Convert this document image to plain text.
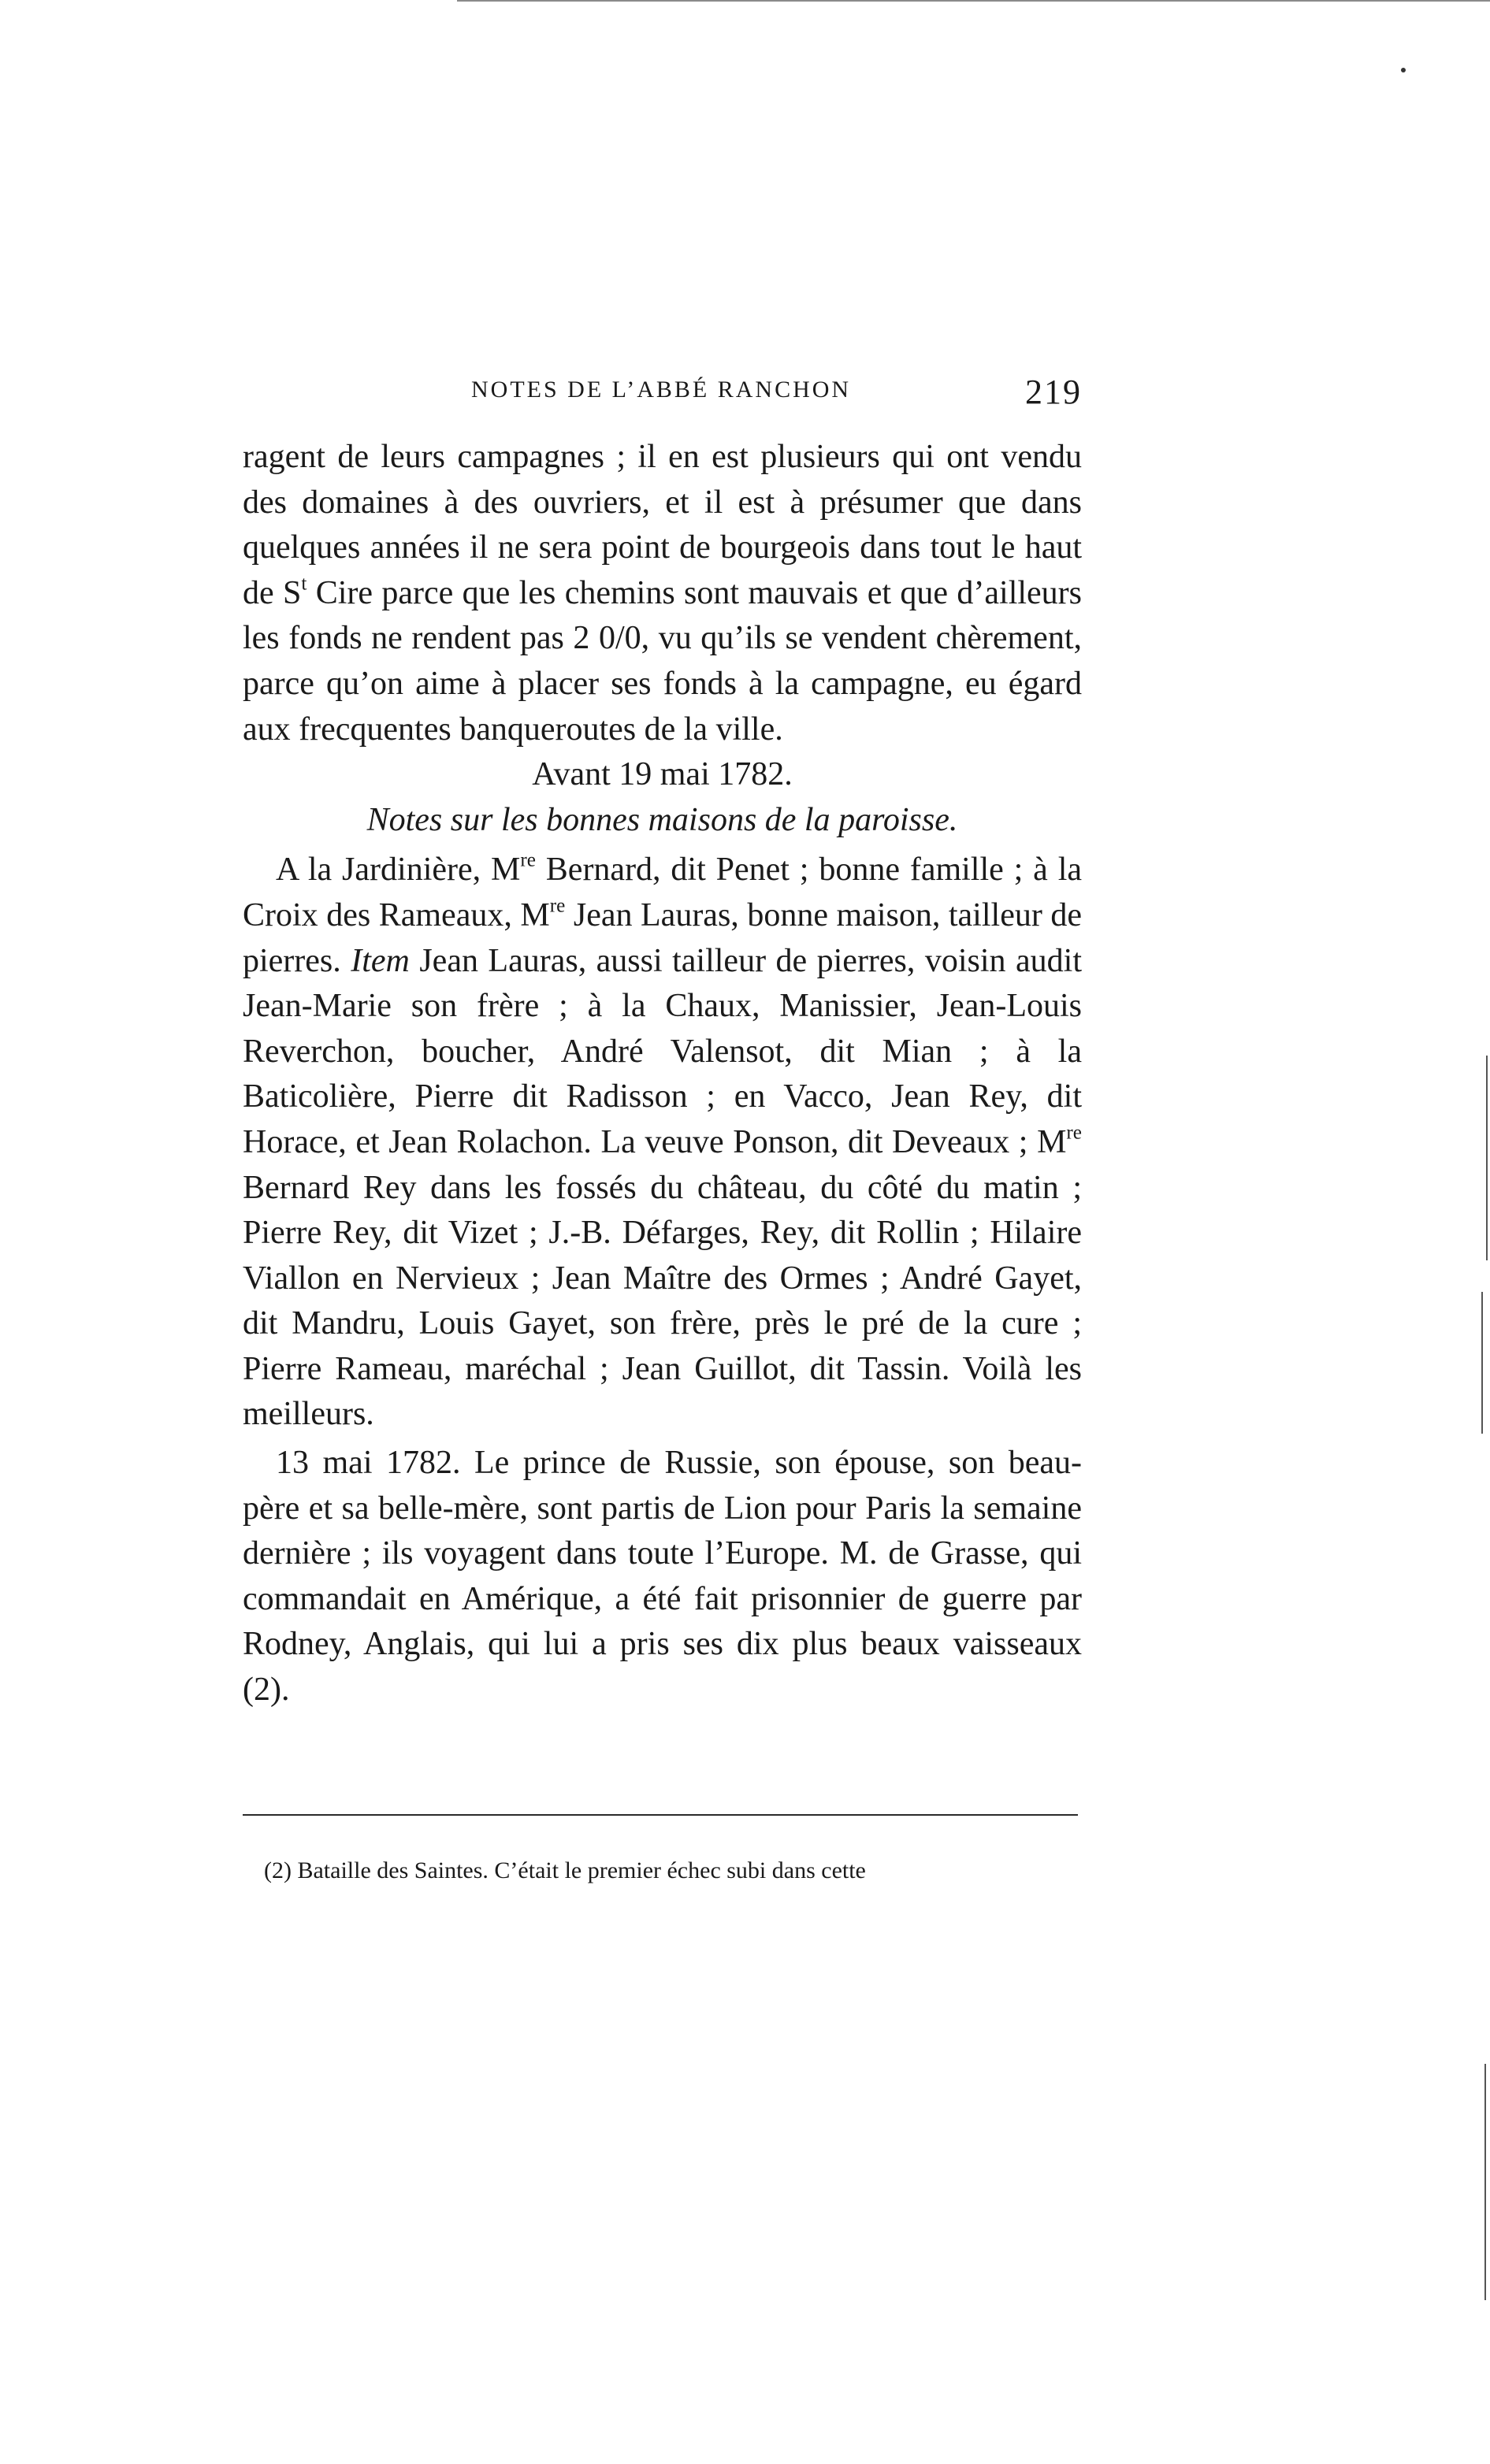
NOTES DE L’ABBÉ RANCHON	219

ragent de leurs campagnes ; il en est plusieurs qui ont vendu des domaines à des ouvriers, et il est à présumer que dans quelques années il ne sera point de bourgeois dans tout le haut de $S^t$ Cire parce que les chemins sont mauvais et que d’ailleurs les fonds ne rendent pas 2 0/0, vu qu’ils se vendent chèrement, parce qu’on aime à placer ses fonds à la campagne, eu égard aux frecquentes banqueroutes de la ville.

Avant 19 mai 1782.

Notes sur les bonnes maisons de la paroisse.

A la Jardinière, Mre Bernard, dit Penet ; bonne famille ; à la Croix des Rameaux, Mre Jean Lauras, bonne maison, tailleur de pierres. Item Jean Lauras, aussi tailleur de pierres, voisin audit Jean-Marie son frère ; à la Chaux, Manissier, Jean-Louis Reverchon, boucher, André Valensot, dit Mian ; à la Baticolière, Pierre dit Radisson ; en Vacco, Jean Rey, dit Horace, et Jean Rolachon. La veuve Ponson, dit Deveaux ; Mre Bernard Rey dans les fossés du château, du côté du matin ; Pierre Rey, dit Vizet ; J.-B. Défarges, Rey, dit Rollin ; Hilaire Viallon en Nervieux ; Jean Maître des Ormes ; André Gayet, dit Mandru, Louis Gayet, son frère, près le pré de la cure ; Pierre Rameau, maréchal ; Jean Guillot, dit Tassin. Voilà les meilleurs.

13 mai 1782. Le prince de Russie, son épouse, son beau-père et sa belle-mère, sont partis de Lion pour Paris la semaine dernière ; ils voyagent dans toute l’Europe. M. de Grasse, qui commandait en Amérique, a été fait prisonnier de guerre par Rodney, Anglais, qui lui a pris ses dix plus beaux vaisseaux (2).

(2) Bataille des Saintes. C’était le premier échec subi dans cette
